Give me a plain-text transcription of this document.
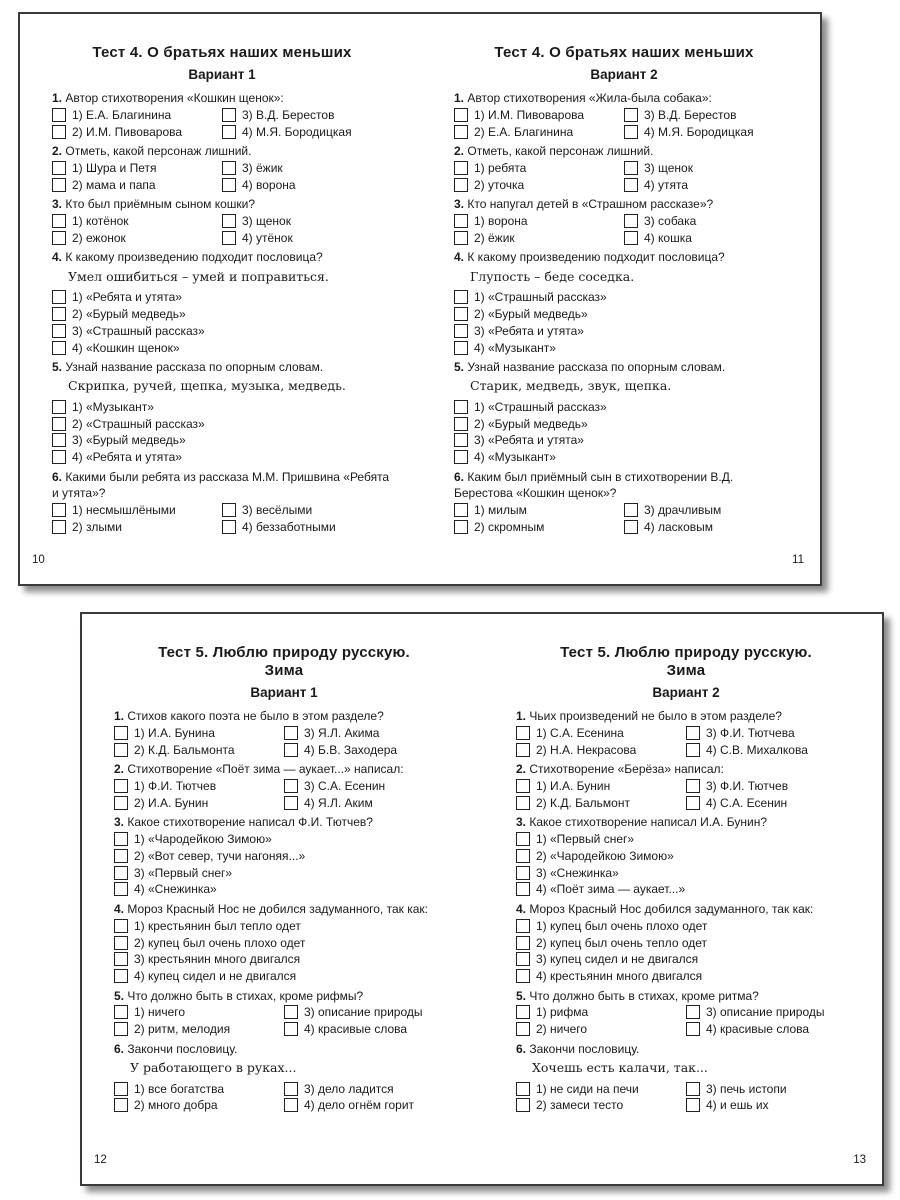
Тест 4. О братьях наших меньших
Вариант 1
1. Автор стихотворения «Кошкин щенок»:
1) Е.А. Благинина	3) В.Д. Берестов
2) И.М. Пивоварова	4) М.Я. Бородицкая
2. Отметь, какой персонаж лишний.
1) Шура и Петя	3) ёжик
2) мама и папа	4) ворона
3. Кто был приёмным сыном кошки?
1) котёнок	3) щенок
2) ежонок	4) утёнок
4. К какому произведению подходит пословица?
Умел ошибиться – умей и поправиться.
1) «Ребята и утята»
2) «Бурый медведь»
3) «Страшный рассказ»
4) «Кошкин щенок»
5. Узнай название рассказа по опорным словам.
Скрипка, ручей, щепка, музыка, медведь.
1) «Музыкант»
2) «Страшный рассказ»
3) «Бурый медведь»
4) «Ребята и утята»
6. Какими были ребята из рассказа М.М. Пришвина «Ребята и утята»?
1) несмышлёными	3) весёлыми
2) злыми	4) беззаботными
Тест 4. О братьях наших меньших
Вариант 2
1. Автор стихотворения «Жила-была собака»:
1) И.М. Пивоварова	3) В.Д. Берестов
2) Е.А. Благинина	4) М.Я. Бородицкая
2. Отметь, какой персонаж лишний.
1) ребята	3) щенок
2) уточка	4) утята
3. Кто напугал детей в «Страшном рассказе»?
1) ворона	3) собака
2) ёжик	4) кошка
4. К какому произведению подходит пословица?
Глупость – беде соседка.
1) «Страшный рассказ»
2) «Бурый медведь»
3) «Ребята и утята»
4) «Музыкант»
5. Узнай название рассказа по опорным словам.
Старик, медведь, звук, щепка.
1) «Страшный рассказ»
2) «Бурый медведь»
3) «Ребята и утята»
4) «Музыкант»
6. Каким был приёмный сын в стихотворении В.Д. Берестова «Кошкин щенок»?
1) милым	3) драчливым
2) скромным	4) ласковым
10	11
Тест 5. Люблю природу русскую.
Зима
Вариант 1
1. Стихов какого поэта не было в этом разделе?
1) И.А. Бунина	3) Я.Л. Акима
2) К.Д. Бальмонта	4) Б.В. Заходера
2. Стихотворение «Поёт зима — аукает...» написал:
1) Ф.И. Тютчев	3) С.А. Есенин
2) И.А. Бунин	4) Я.Л. Аким
3. Какое стихотворение написал Ф.И. Тютчев?
1) «Чародейкою Зимою»
2) «Вот север, тучи нагоняя...»
3) «Первый снег»
4) «Снежинка»
4. Мороз Красный Нос не добился задуманного, так как:
1) крестьянин был тепло одет
2) купец был очень плохо одет
3) крестьянин много двигался
4) купец сидел и не двигался
5. Что должно быть в стихах, кроме рифмы?
1) ничего	3) описание природы
2) ритм, мелодия	4) красивые слова
6. Закончи пословицу.
У работающего в руках...
1) все богатства	3) дело ладится
2) много добра	4) дело огнём горит
Тест 5. Люблю природу русскую.
Зима
Вариант 2
1. Чьих произведений не было в этом разделе?
1) С.А. Есенина	3) Ф.И. Тютчева
2) Н.А. Некрасова	4) С.В. Михалкова
2. Стихотворение «Берёза» написал:
1) И.А. Бунин	3) Ф.И. Тютчев
2) К.Д. Бальмонт	4) С.А. Есенин
3. Какое стихотворение написал И.А. Бунин?
1) «Первый снег»
2) «Чародейкою Зимою»
3) «Снежинка»
4) «Поёт зима — аукает...»
4. Мороз Красный Нос добился задуманного, так как:
1) купец был очень плохо одет
2) купец был очень тепло одет
3) купец сидел и не двигался
4) крестьянин много двигался
5. Что должно быть в стихах, кроме ритма?
1) рифма	3) описание природы
2) ничего	4) красивые слова
6. Закончи пословицу.
Хочешь есть калачи, так...
1) не сиди на печи	3) печь истопи
2) замеси тесто	4) и ешь их
12	13
